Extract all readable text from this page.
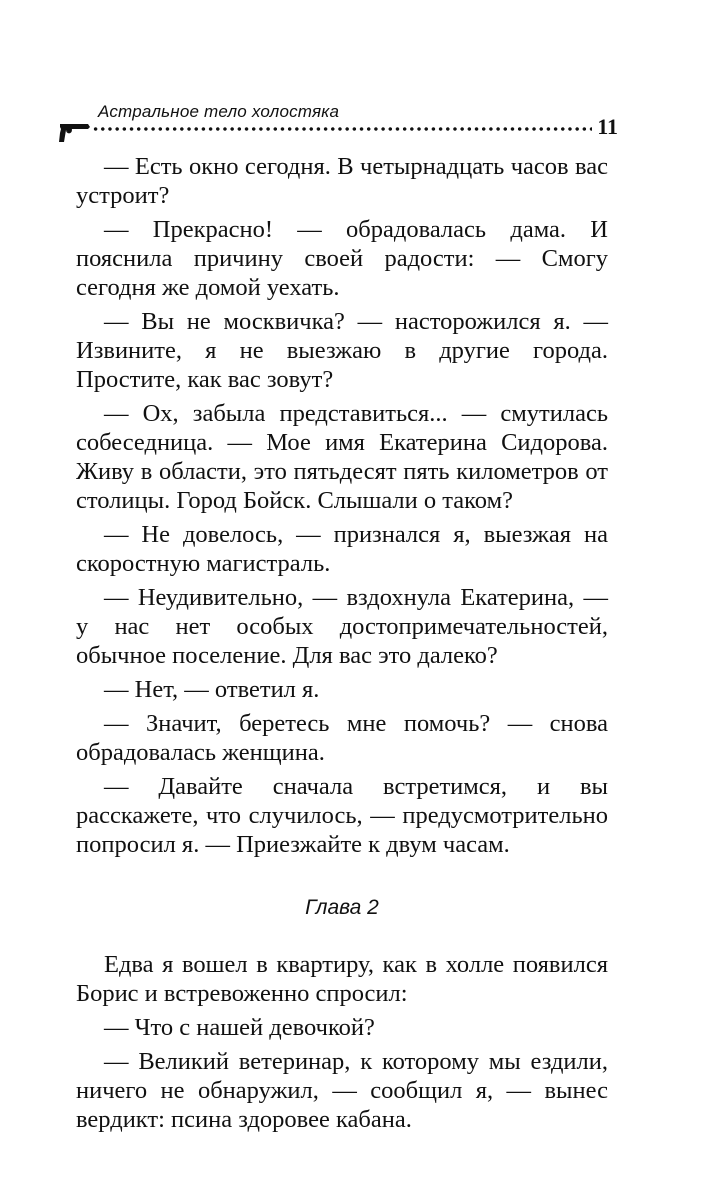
Астральное тело холостяка
11

— Есть окно сегодня. В четырнадцать часов вас устроит?

— Прекрасно! — обрадовалась дама. И пояснила причину своей радости: — Смогу сегодня же домой уехать.

— Вы не москвичка? — насторожился я. — Извините, я не выезжаю в другие города. Простите, как вас зовут?

— Ох, забыла представиться... — смутилась собеседница. — Мое имя Екатерина Сидорова. Живу в области, это пятьдесят пять километров от столицы. Город Бойск. Слышали о таком?

— Не довелось, — признался я, выезжая на скоростную магистраль.

— Неудивительно, — вздохнула Екатерина, — у нас нет особых достопримечательностей, обычное поселение. Для вас это далеко?

— Нет, — ответил я.

— Значит, беретесь мне помочь? — снова обрадовалась женщина.

— Давайте сначала встретимся, и вы расскажете, что случилось, — предусмотрительно попросил я. — Приезжайте к двум часам.

Глава 2

Едва я вошел в квартиру, как в холле появился Борис и встревоженно спросил:

— Что с нашей девочкой?

— Великий ветеринар, к которому мы ездили, ничего не обнаружил, — сообщил я, — вынес вердикт: псина здоровее кабана.
